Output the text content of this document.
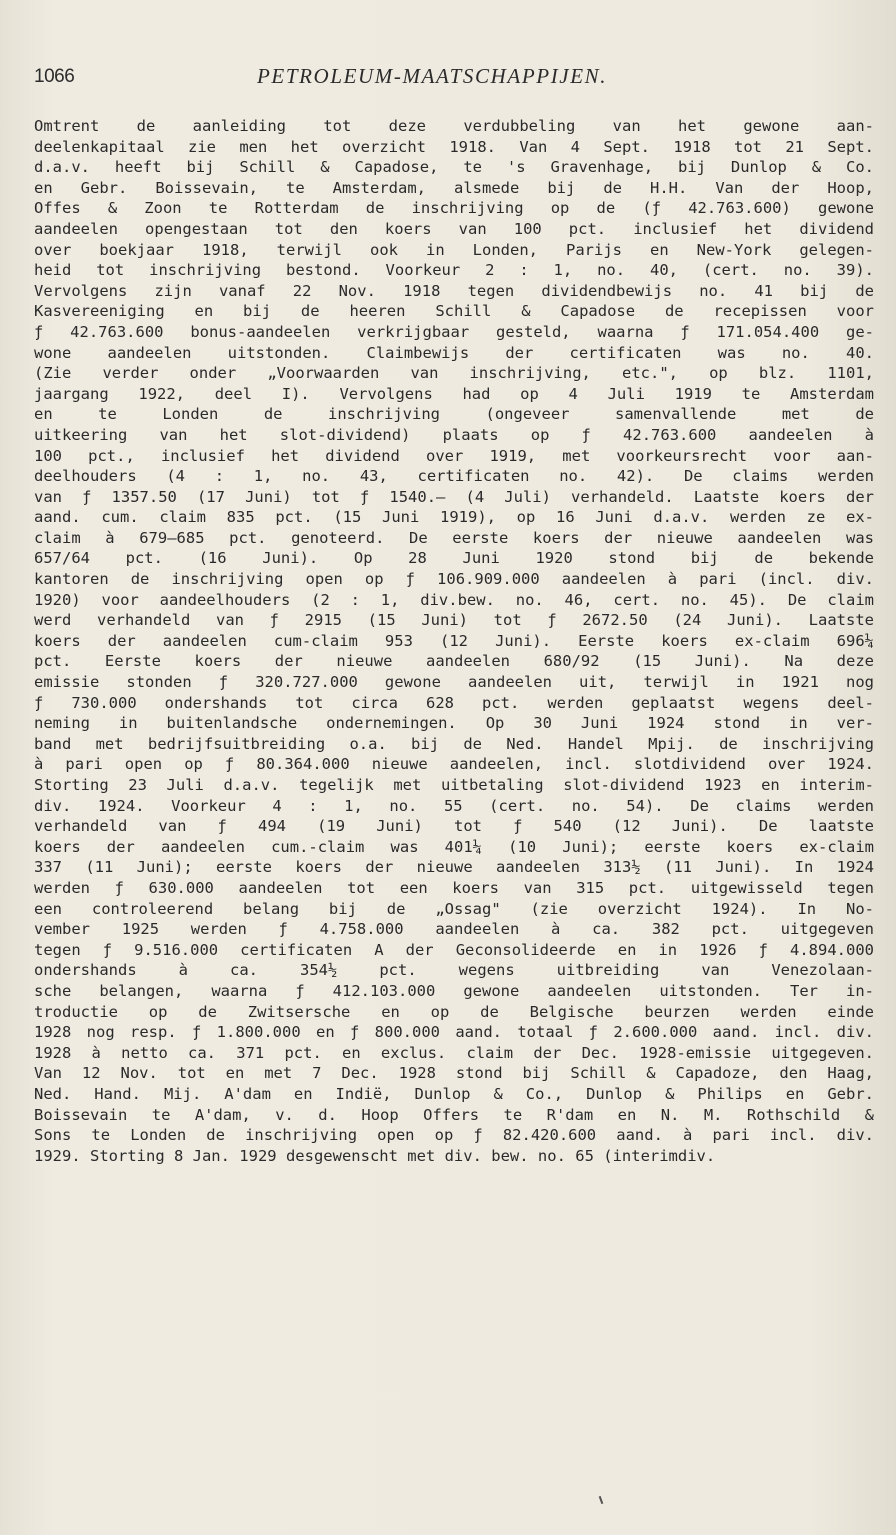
1066	PETROLEUM-MAATSCHAPPIJEN.
Omtrent de aanleiding tot deze verdubbeling van het gewone aan-
deelenkapitaal zie men het overzicht 1918. Van 4 Sept. 1918 tot 21 Sept.
d.a.v. heeft bij Schill & Capadose, te 's Gravenhage, bij Dunlop & Co.
en Gebr. Boissevain, te Amsterdam, alsmede bij de H.H. Van der Hoop,
Offes & Zoon te Rotterdam de inschrijving op de (ƒ 42.763.600) gewone
aandeelen opengestaan tot den koers van 100 pct. inclusief het dividend
over boekjaar 1918, terwijl ook in Londen, Parijs en New-York gelegen-
heid tot inschrijving bestond. Voorkeur 2 : 1, no. 40, (cert. no. 39).
Vervolgens zijn vanaf 22 Nov. 1918 tegen dividendbewijs no. 41 bij de
Kasvereeniging en bij de heeren Schill & Capadose de recepissen voor
ƒ 42.763.600 bonus-aandeelen verkrijgbaar gesteld, waarna ƒ 171.054.400 ge-
wone aandeelen uitstonden. Claimbewijs der certificaten was no. 40.
(Zie verder onder „Voorwaarden van inschrijving, etc.", op blz. 1101,
jaargang 1922, deel I). Vervolgens had op 4 Juli 1919 te Amsterdam
en te Londen de inschrijving (ongeveer samenvallende met de
uitkeering van het slot-dividend) plaats op ƒ 42.763.600 aandeelen à
100 pct., inclusief het dividend over 1919, met voorkeursrecht voor aan-
deelhouders (4 : 1, no. 43, certificaten no. 42). De claims werden
van ƒ 1357.50 (17 Juni) tot ƒ 1540.— (4 Juli) verhandeld. Laatste koers der
aand. cum. claim 835 pct. (15 Juni 1919), op 16 Juni d.a.v. werden ze ex-
claim à 679—685 pct. genoteerd. De eerste koers der nieuwe aandeelen was
657/64 pct. (16 Juni). Op 28 Juni 1920 stond bij de bekende
kantoren de inschrijving open op ƒ 106.909.000 aandeelen à pari (incl. div.
1920) voor aandeelhouders (2 : 1, div.bew. no. 46, cert. no. 45). De claim
werd verhandeld van ƒ 2915 (15 Juni) tot ƒ 2672.50 (24 Juni). Laatste
koers der aandeelen cum-claim 953 (12 Juni). Eerste koers ex-claim 696¼
pct. Eerste koers der nieuwe aandeelen 680/92 (15 Juni). Na deze
emissie stonden ƒ 320.727.000 gewone aandeelen uit, terwijl in 1921 nog
ƒ 730.000 ondershands tot circa 628 pct. werden geplaatst wegens deel-
neming in buitenlandsche ondernemingen. Op 30 Juni 1924 stond in ver-
band met bedrijfsuitbreiding o.a. bij de Ned. Handel Mpij. de inschrijving
à pari open op ƒ 80.364.000 nieuwe aandeelen, incl. slotdividend over 1924.
Storting 23 Juli d.a.v. tegelijk met uitbetaling slot-dividend 1923 en interim-
div. 1924. Voorkeur 4 : 1, no. 55 (cert. no. 54). De claims werden
verhandeld van ƒ 494 (19 Juni) tot ƒ 540 (12 Juni). De laatste
koers der aandeelen cum.-claim was 401¼ (10 Juni); eerste koers ex-claim
337 (11 Juni); eerste koers der nieuwe aandeelen 313½ (11 Juni). In 1924
werden ƒ 630.000 aandeelen tot een koers van 315 pct. uitgewisseld tegen
een controleerend belang bij de „Ossag" (zie overzicht 1924). In No-
vember 1925 werden ƒ 4.758.000 aandeelen à ca. 382 pct. uitgegeven
tegen ƒ 9.516.000 certificaten A der Geconsolideerde en in 1926 ƒ 4.894.000
ondershands à ca. 354½ pct. wegens uitbreiding van Venezolaan-
sche belangen, waarna ƒ 412.103.000 gewone aandeelen uitstonden. Ter in-
troductie op de Zwitsersche en op de Belgische beurzen werden einde
1928 nog resp. ƒ 1.800.000 en ƒ 800.000 aand. totaal ƒ 2.600.000 aand. incl. div.
1928 à netto ca. 371 pct. en exclus. claim der Dec. 1928-emissie uitgegeven.
Van 12 Nov. tot en met 7 Dec. 1928 stond bij Schill & Capadoze, den Haag,
Ned. Hand. Mij. A'dam en Indië, Dunlop & Co., Dunlop & Philips en Gebr.
Boissevain te A'dam, v. d. Hoop Offers te R'dam en N. M. Rothschild &
Sons te Londen de inschrijving open op ƒ 82.420.600 aand. à pari incl. div.
1929. Storting 8 Jan. 1929 desgewenscht met div. bew. no. 65 (interimdiv.
